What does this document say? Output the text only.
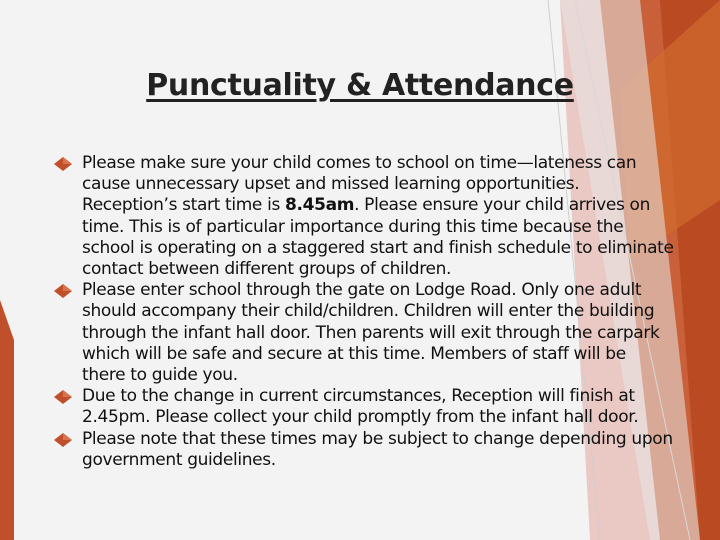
Punctuality & Attendance
Please make sure your child comes to school on time—lateness can cause unnecessary upset and missed learning opportunities. Reception’s start time is 8.45am. Please ensure your child arrives on time. This is of particular importance during this time because the school is operating on a staggered start and finish schedule to eliminate contact between different groups of children.
Please enter school through the gate on Lodge Road. Only one adult should accompany their child/children. Children will enter the building through the infant hall door. Then parents will exit through the carpark which will be safe and secure at this time. Members of staff will be there to guide you.
Due to the change in current circumstances, Reception will finish at 2.45pm. Please collect your child promptly from the infant hall door.
Please note that these times may be subject to change depending upon government guidelines.
